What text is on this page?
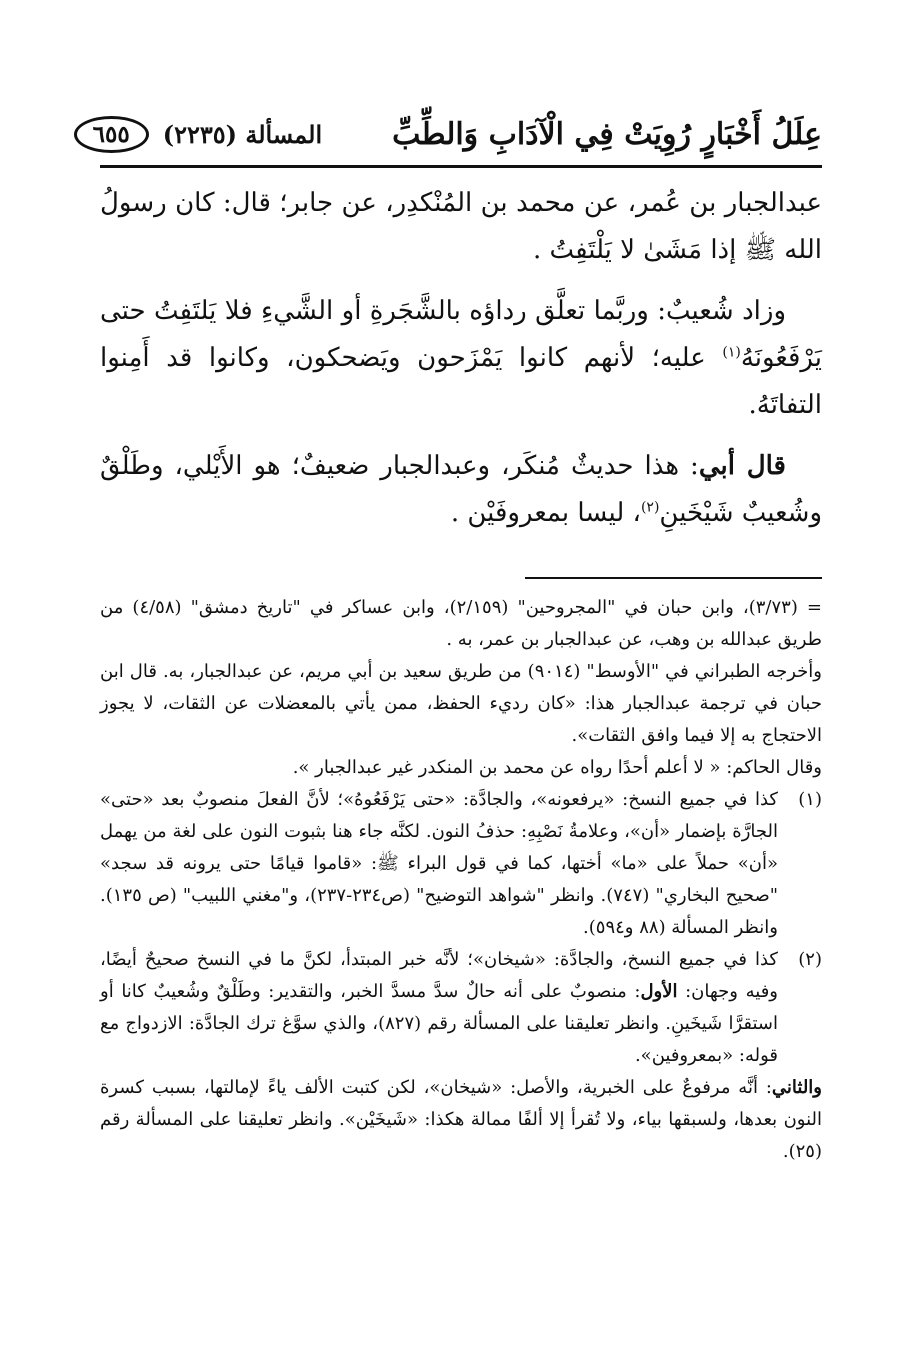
عِلَلُ أَخْبَارٍ رُوِيَتْ فِي الْآدَابِ وَالطِّبِّ
المسألة (٢٢٣٥)
٦٥٥

عبدالجبار بن عُمر، عن محمد بن المُنْكدِر، عن جابر؛ قال: كان رسولُ الله ﷺ إذا مَشَىٰ لا يَلْتَفِتُ .

وزاد شُعيبٌ: وربَّما تعلَّق رداؤه بالشَّجَرةِ أو الشَّيءِ فلا يَلتَفِتُ حتى يَرْفَعُونَهُ$^{(١)}$ عليه؛ لأنهم كانوا يَمْزَحون ويَضحكون، وكانوا قد أَمِنوا التفاتَهُ.

قال أبي: هذا حديثٌ مُنكَر، وعبدالجبار ضعيفٌ؛ هو الأَيْلي، وطَلْقٌ وشُعيبٌ شَيْخَينِ$^{(٢)}$، ليسا بمعروفَيْن .

= (٣/٧٣)، وابن حبان في "المجروحين" (٢/١٥٩)، وابن عساكر في "تاريخ دمشق" (٤/٥٨) من طريق عبدالله بن وهب، عن عبدالجبار بن عمر، به .

وأخرجه الطبراني في "الأوسط" (٩٠١٤) من طريق سعيد بن أبي مريم، عن عبدالجبار، به. قال ابن حبان في ترجمة عبدالجبار هذا: «كان رديء الحفظ، ممن يأتي بالمعضلات عن الثقات، لا يجوز الاحتجاج به إلا فيما وافق الثقات».

وقال الحاكم: « لا أعلم أحدًا رواه عن محمد بن المنكدر غير عبدالجبار ».

(١)
كذا في جميع النسخ: «يرفعونه»، والجادَّة: «حتى يَرْفَعُوهُ»؛ لأنَّ الفعلَ منصوبٌ بعد «حتى» الجارَّة بإضمار «أن»، وعلامةُ نَصْبِهِ: حذفُ النون. لكنَّه جاء هنا بثبوت النون على لغة من يهمل «أن» حملاً على «ما» أختها، كما في قول البراء ﷺ: «قاموا قيامًا حتى يرونه قد سجد» "صحيح البخاري" (٧٤٧). وانظر "شواهد التوضيح" (ص٢٣٤-٢٣٧)، و"مغني اللبيب" (ص ١٣٥). وانظر المسألة (٨٨ و٥٩٤).
(٢)
كذا في جميع النسخ، والجادَّة: «شيخان»؛ لأنَّه خبر المبتدأ، لكنَّ ما في النسخ صحيحٌ أيضًا، وفيه وجهان: الأول: منصوبٌ على أنه حالٌ سدَّ مسدَّ الخبر، والتقدير: وطَلْقٌ وشُعيبٌ كانا أو استقرَّا شَيخَينِ. وانظر تعليقنا على المسألة رقم (٨٢٧)، والذي سوَّغ ترك الجادَّة: الازدواج مع قوله: «بمعروفين».

والثاني: أنَّه مرفوعٌ على الخبرية، والأصل: «شيخان»، لكن كتبت الألف ياءً لإمالتها، بسبب كسرة النون بعدها، ولسبقها بياء، ولا تُقرأ إلا ألفًا ممالة هكذا: «شَيخَيْن». وانظر تعليقنا على المسألة رقم (٢٥).
